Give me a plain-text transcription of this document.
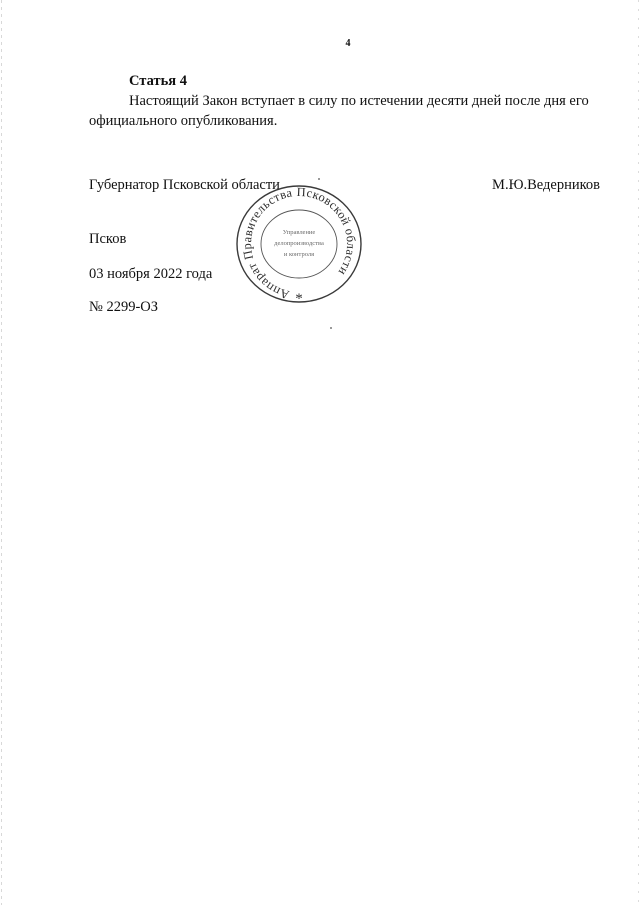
4
Статья 4
Настоящий Закон вступает в силу по истечении десяти дней после дня его
официального опубликования.
Губернатор Псковской области	М.Ю.Ведерников
Псков
03 ноября 2022 года
№ 2299-ОЗ
Аппарат Правительства Псковской области
Управление
делопроизводства
и контроля
*
